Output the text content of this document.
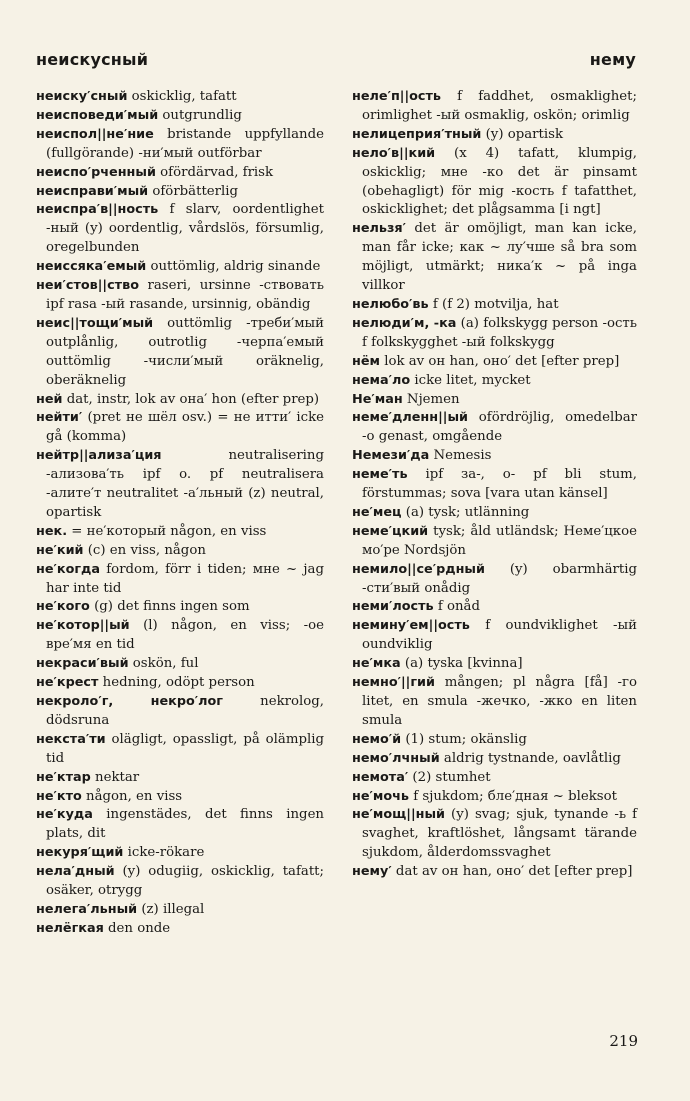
неискусный	нему

неиску′сный oskicklig, tafatt

неисповеди′мый outgrundlig

неиспол||не′ние bristande uppfyllande (fullgörande) -ни′мый outförbar

неиспо′рченный ofördärvad, frisk

неисправи′мый oförbätterlig

неиспра′в||ность f slarv, oordentlighet -ный (y) oordentlig, vårdslös, försumlig, oregelbunden

неиссяка′емый outtömlig, aldrig sinande

неи′стов||ство raseri, ursinne -ствовать ipf rasa -ый rasande, ursinnig, obändig

неис||тощи′мый outtömlig -треби′мый outplånlig, outrotlig -черпа′емый outtömlig -числи′мый oräknelig, oberäknelig

ней dat, instr, lok av она′ hon (efter prep)

нейти′ (pret не шёл osv.) = не итти′ icke gå (komma)

нейтр||ализа′ция neutralisering -ализова′ть ipf o. pf neutralisera -алите′т neutralitet -а′льный (z) neutral, opartisk

нек. = не′который någon, en viss

не′кий (c) en viss, någon

не′когда fordom, förr i tiden; мне ~ jag har inte tid

не′кого (g) det finns ingen som

не′котор||ый (l) någon, en viss; -ое вре′мя en tid

некраси′вый oskön, ful

не′крест hedning, odöpt person

некроло′г, некро′лог nekrolog, dödsruna

некста′ти olägligt, opassligt, på olämplig tid

не′ктар nektar

не′кто någon, en viss

не′куда ingenstädes, det finns ingen plats, dit

некуря′щий icke-rökare

нела′дный (y) odugiig, oskicklig, tafatt; osäker, otrygg

нелега′льный (z) illegal

нелёгкая den onde

неле′п||ость f faddhet, osmaklighet; orimlighet -ый osmaklig, oskön; orimlig

нелицеприя′тный (y) opartisk

нело′в||кий (x 4) tafatt, klumpig, oskicklig; мне -ко det är pinsamt (obehagligt) för mig -кость f tafatthet, oskicklighet; det plågsamma [i ngt]

нельзя′ det är omöjligt, man kan icke, man får icke; как ~ лу′чше så bra som möjligt, utmärkt; ника′к ~ på inga villkor

нелюбо′вь f (f 2) motvilja, hat

нелюди′м, -ка (a) folkskygg person -ость f folkskygghet -ый folkskygg

нём lok av он han, оно′ det [efter prep]

нема′ло icke litet, mycket

Не′ман Njemen

неме′дленн||ый ofördröjlig, omedelbar -о genast, omgående

Немези′да Nemesis

неме′ть ipf за-, о- pf bli stum, förstummas; sova [vara utan känsel]

не′мец (a) tysk; utlänning

неме′цкий tysk; åld utländsk; Неме′цкое мо′ре Nordsjön

немило||се′рдный (y) obarmhärtig -сти′вый onådig

неми′лость f onåd

немину′ем||ость f oundviklighet -ый oundviklig

не′мка (a) tyska [kvinna]

немно′||гий mången; pl några [få] -го litet, en smula -жечко, -жко en liten smula

немо′й (1) stum; okänslig

немо′лчный aldrig tystnande, oavlåtlig

немота′ (2) stumhet

не′мочь f sjukdom; бле′дная ~ bleksot

не′мощ||ный (y) svag; sjuk, tynande -ь f svaghet, kraftlöshet, långsamt tärande sjukdom, ålderdomssvaghet

нему′ dat av он han, оно′ det [efter prep]

219
